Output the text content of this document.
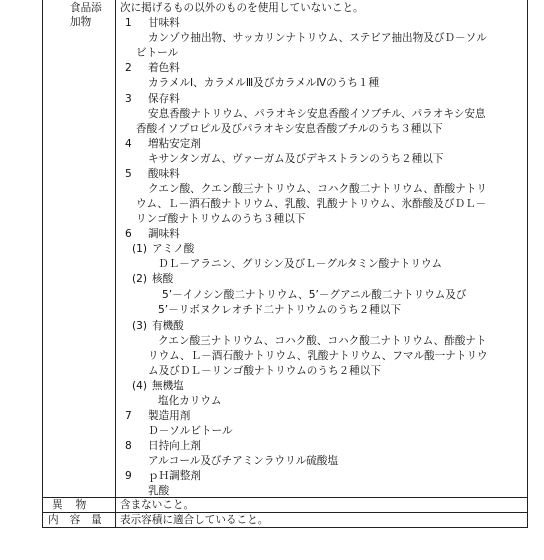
食品添
加物
次に掲げるもの以外のものを使用していないこと。
1 甘味料
カンゾウ抽出物、サッカリンナトリウム、ステビア抽出物及びＤ－ソル
ビトール
2 着色料
カラメルⅠ、カラメルⅢ及びカラメルⅣのうち１種
3 保存料
安息香酸ナトリウム、パラオキシ安息香酸イソブチル、パラオキシ安息
香酸イソプロピル及びパラオキシ安息香酸ブチルのうち３種以下
4 増粘安定剤
キサンタンガム、ヴァーガム及びデキストランのうち２種以下
5 酸味料
クエン酸、クエン酸三ナトリウム、コハク酸二ナトリウム、酢酸ナトリ
ウム、Ｌ－酒石酸ナトリウム、乳酸、乳酸ナトリウム、氷酢酸及びＤＬ－
リンゴ酸ナトリウムのうち３種以下
6 調味料
(1) アミノ酸
ＤＬ－アラニン、グリシン及びＬ－グルタミン酸ナトリウム
(2) 核酸
5’－イノシン酸二ナトリウム、5’－グアニル酸二ナトリウム及び
5’－リボヌクレオチド二ナトリウムのうち２種以下
(3) 有機酸
クエン酸三ナトリウム、コハク酸、コハク酸二ナトリウム、酢酸ナト
リウム、Ｌ－酒石酸ナトリウム、乳酸ナトリウム、フマル酸一ナトリウ
ム及びＤＬ－リンゴ酸ナトリウムのうち２種以下
(4) 無機塩
塩化カリウム
7 製造用剤
Ｄ－ソルビトール
8 日持向上剤
アルコール及びチアミンラウリル硫酸塩
9 ｐＨ調整剤
乳酸
異物 含まないこと。
内容量 表示容積に適合していること。
